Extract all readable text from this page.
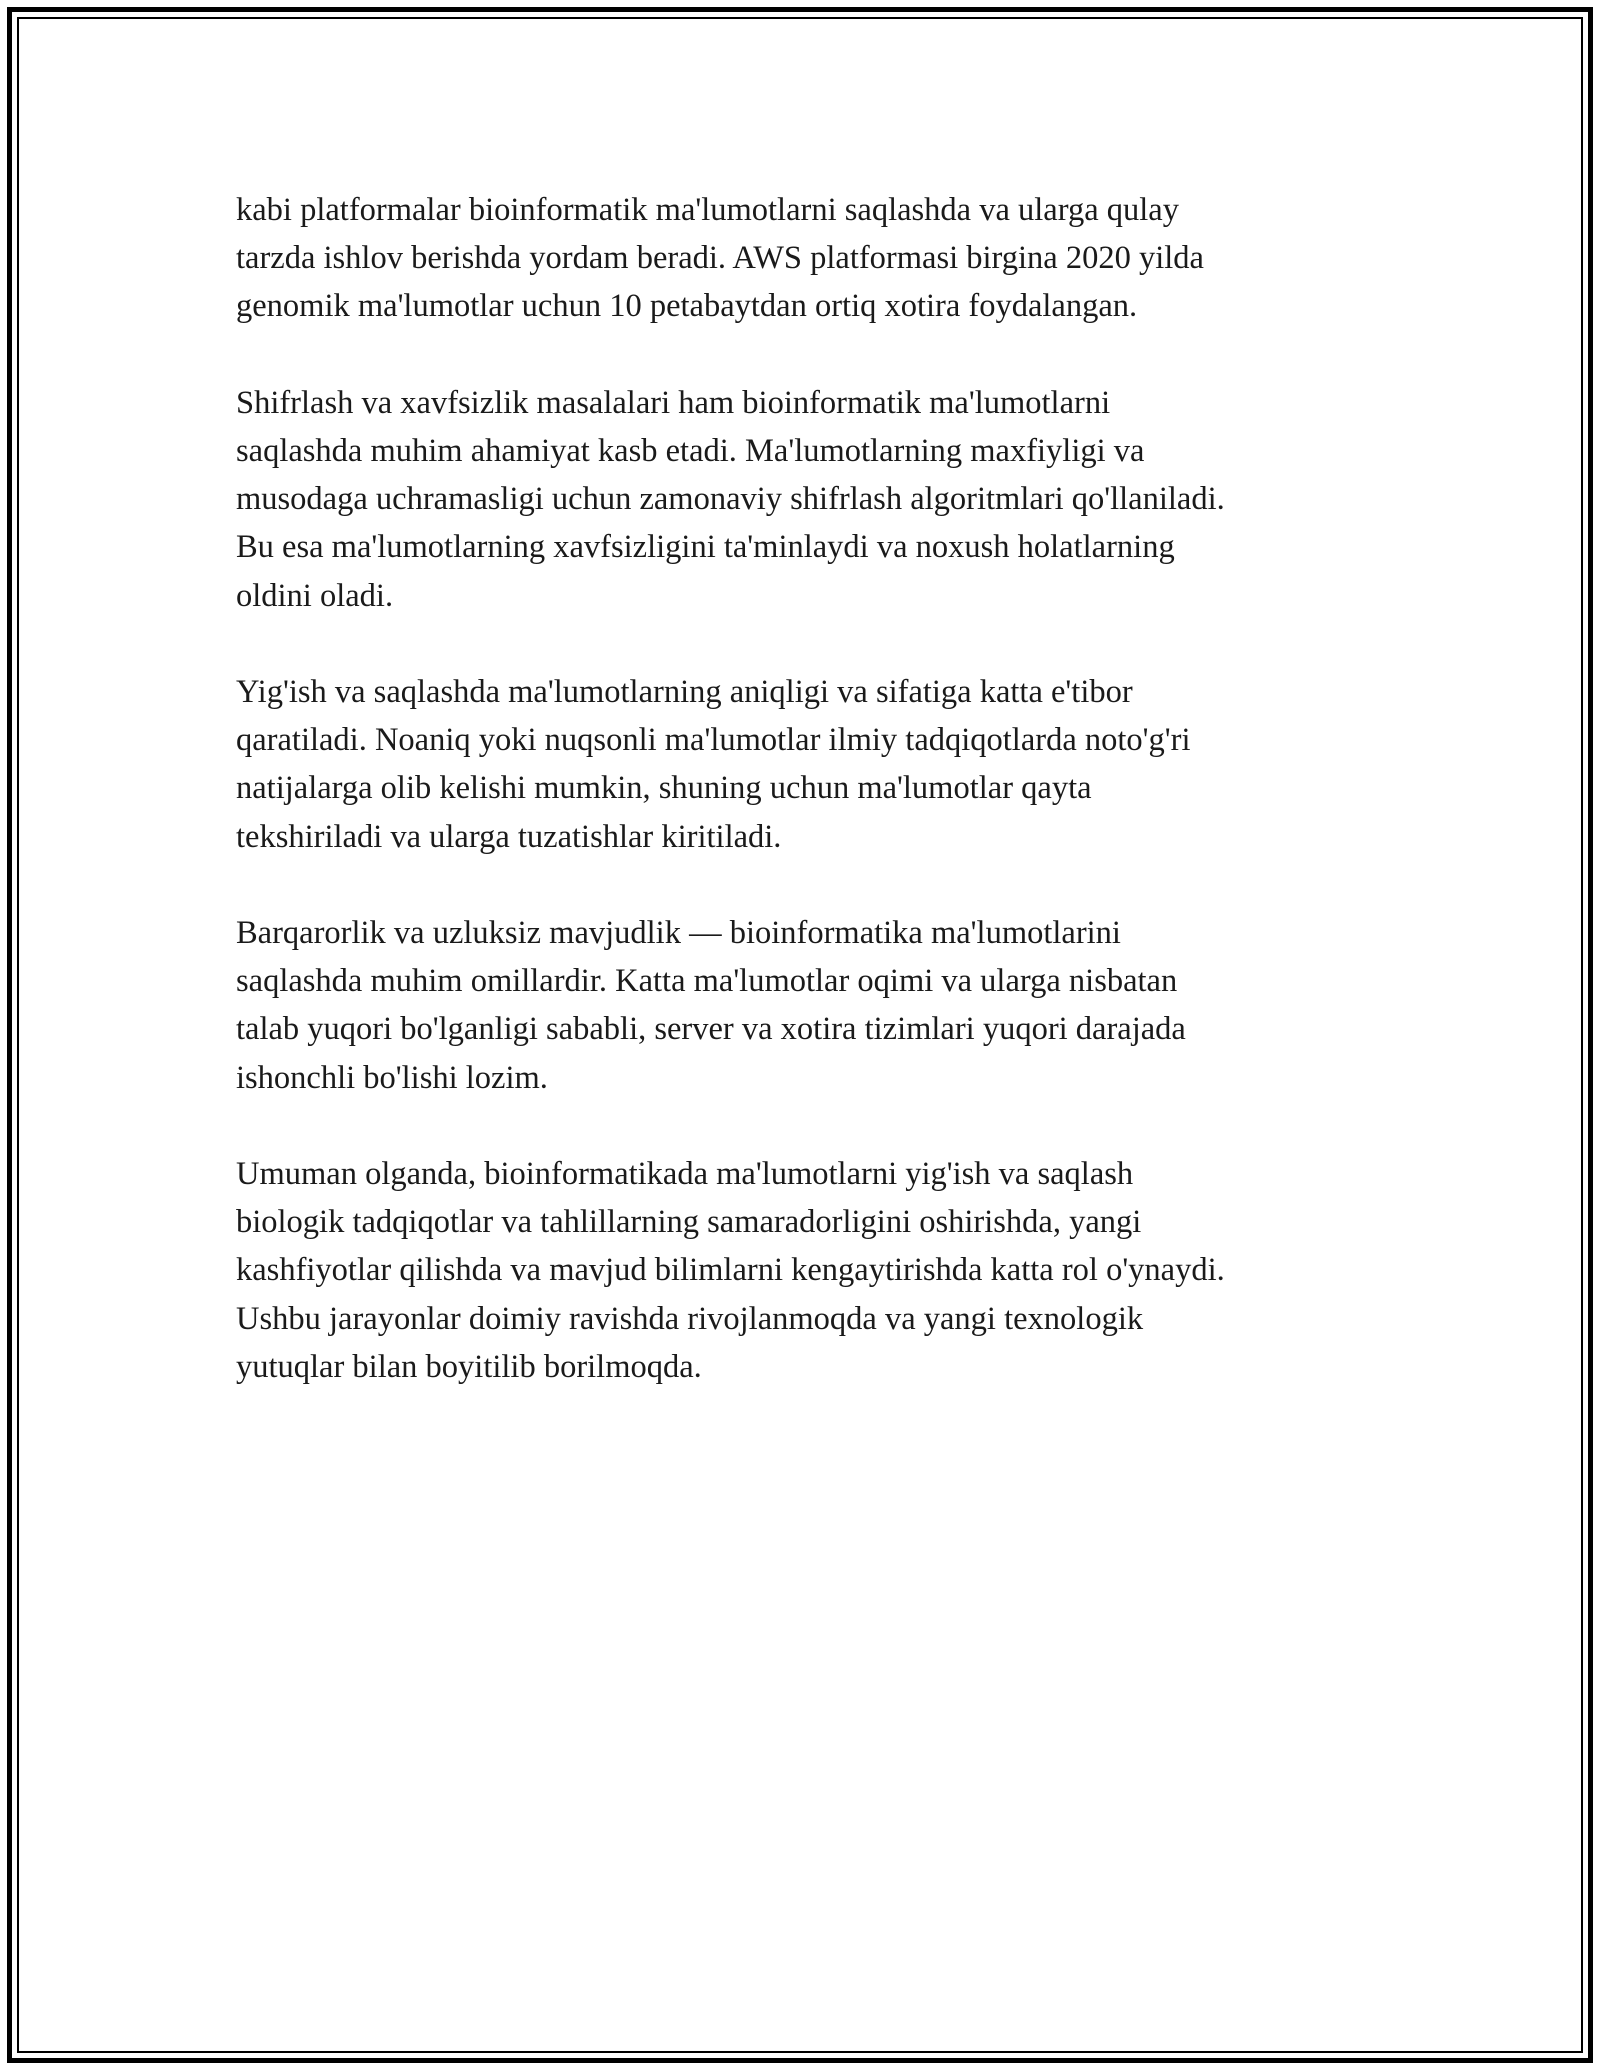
kabi platformalar bioinformatik ma'lumotlarni saqlashda va ularga qulay
tarzda ishlov berishda yordam beradi. AWS platformasi birgina 2020 yilda
genomik ma'lumotlar uchun 10 petabaytdan ortiq xotira foydalangan.

Shifrlash va xavfsizlik masalalari ham bioinformatik ma'lumotlarni
saqlashda muhim ahamiyat kasb etadi. Ma'lumotlarning maxfiyligi va
musodaga uchramasligi uchun zamonaviy shifrlash algoritmlari qo'llaniladi.
Bu esa ma'lumotlarning xavfsizligini ta'minlaydi va noxush holatlarning
oldini oladi.

Yig'ish va saqlashda ma'lumotlarning aniqligi va sifatiga katta e'tibor
qaratiladi. Noaniq yoki nuqsonli ma'lumotlar ilmiy tadqiqotlarda noto'g'ri
natijalarga olib kelishi mumkin, shuning uchun ma'lumotlar qayta
tekshiriladi va ularga tuzatishlar kiritiladi.

Barqarorlik va uzluksiz mavjudlik — bioinformatika ma'lumotlarini
saqlashda muhim omillardir. Katta ma'lumotlar oqimi va ularga nisbatan
talab yuqori bo'lganligi sababli, server va xotira tizimlari yuqori darajada
ishonchli bo'lishi lozim.

Umuman olganda, bioinformatikada ma'lumotlarni yig'ish va saqlash
biologik tadqiqotlar va tahlillarning samaradorligini oshirishda, yangi
kashfiyotlar qilishda va mavjud bilimlarni kengaytirishda katta rol o'ynaydi.
Ushbu jarayonlar doimiy ravishda rivojlanmoqda va yangi texnologik
yutuqlar bilan boyitilib borilmoqda.
